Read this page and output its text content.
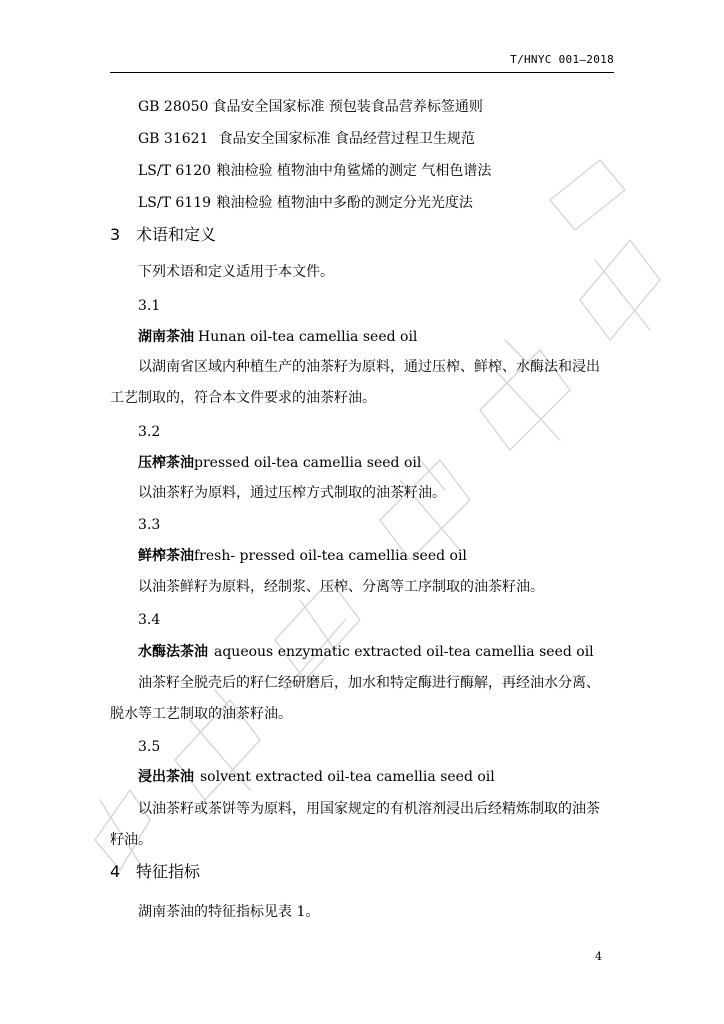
T/HNYC 001—2018
GB 28050 食品安全国家标准 预包装食品营养标签通则
GB 31621 食品安全国家标准 食品经营过程卫生规范
LS/T 6120 粮油检验 植物油中角鲨烯的测定 气相色谱法
LS/T 6119 粮油检验 植物油中多酚的测定分光光度法
3 术语和定义
下列术语和定义适用于本文件。
3.1
湖南茶油 Hunan oil-tea camellia seed oil
以湖南省区域内种植生产的油茶籽为原料，通过压榨、鲜榨、水酶法和浸出
工艺制取的，符合本文件要求的油茶籽油。
3.2
压榨茶油pressed oil-tea camellia seed oil
以油茶籽为原料，通过压榨方式制取的油茶籽油。
3.3
鲜榨茶油fresh- pressed oil-tea camellia seed oil
以油茶鲜籽为原料，经制浆、压榨、分离等工序制取的油茶籽油。
3.4
水酶法茶油 aqueous enzymatic extracted oil-tea camellia seed oil
油茶籽全脱壳后的籽仁经研磨后，加水和特定酶进行酶解，再经油水分离、
脱水等工艺制取的油茶籽油。
3.5
浸出茶油 solvent extracted oil-tea camellia seed oil
以油茶籽或茶饼等为原料，用国家规定的有机溶剂浸出后经精炼制取的油茶
籽油。
4 特征指标
湖南茶油的特征指标见表 1。
4
